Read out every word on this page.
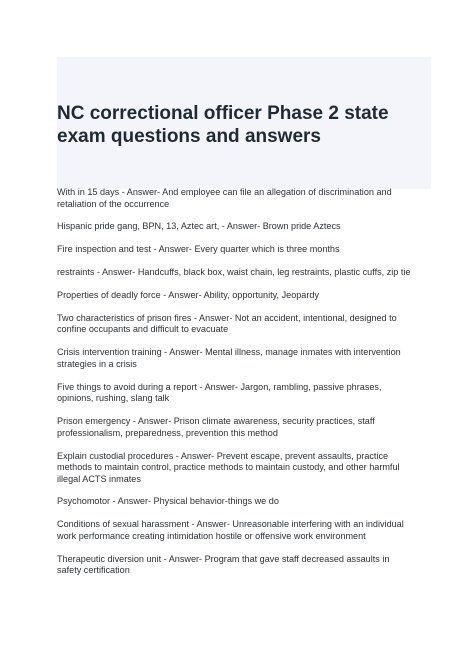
NC correctional officer Phase 2 state exam questions and answers
With in 15 days - Answer- And employee can file an allegation of discrimination and
retaliation of the occurrence
Hispanic pride gang, BPN, 13, Aztec art, - Answer- Brown pride Aztecs
Fire inspection and test - Answer- Every quarter which is three months
restraints - Answer- Handcuffs, black box, waist chain, leg restraints, plastic cuffs, zip tie
Properties of deadly force - Answer- Ability, opportunity, Jeopardy
Two characteristics of prison fires - Answer- Not an accident, intentional, designed to
confine occupants and difficult to evacuate
Crisis intervention training - Answer- Mental illness, manage inmates with intervention
strategies in a crisis
Five things to avoid during a report - Answer- Jargon, rambling, passive phrases,
opinions, rushing, slang talk
Prison emergency - Answer- Prison climate awareness, security practices, staff
professionalism, preparedness, prevention this method
Explain custodial procedures - Answer- Prevent escape, prevent assaults, practice
methods to maintain control, practice methods to maintain custody, and other harmful
illegal ACTS inmates
Psychomotor - Answer- Physical behavior-things we do
Conditions of sexual harassment - Answer- Unreasonable interfering with an individual
work performance creating intimidation hostile or offensive work environment
Therapeutic diversion unit - Answer- Program that gave staff decreased assaults in
safety certification
